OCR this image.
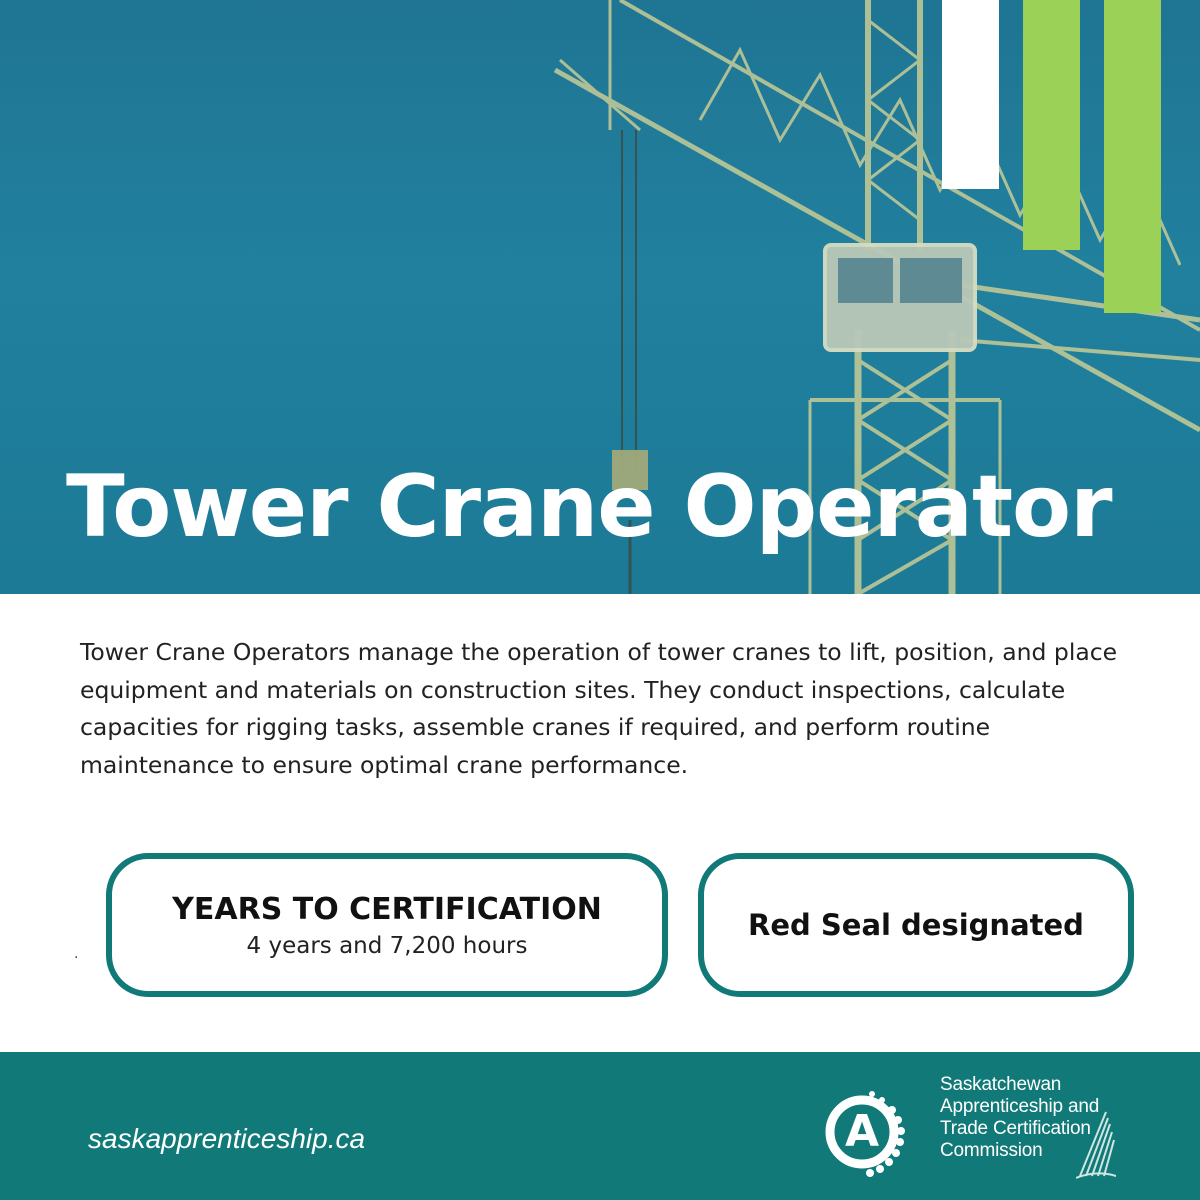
Tower Crane Operator

Tower Crane Operators manage the operation of tower cranes to lift, position, and place equipment and materials on construction sites. They conduct inspections, calculate capacities for rigging tasks, assemble cranes if required, and perform routine maintenance to ensure optimal crane performance.

·
YEARS TO CERTIFICATION
4 years and 7,200 hours
Red Seal designated
saskapprenticeship.ca	A
Saskatchewan Apprenticeship and Trade Certification Commission
